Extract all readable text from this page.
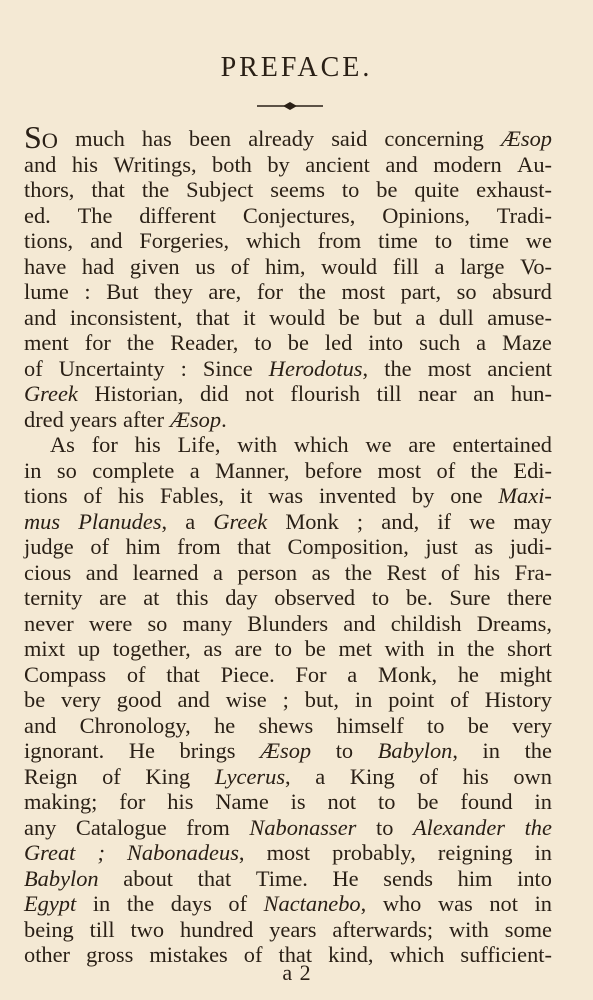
PREFACE.
SO much has been already said concerning Æsop
and his Writings, both by ancient and modern Au-
thors, that the Subject seems to be quite exhaust-
ed. The different Conjectures, Opinions, Tradi-
tions, and Forgeries, which from time to time we
have had given us of him, would fill a large Vo-
lume : But they are, for the most part, so absurd
and inconsistent, that it would be but a dull amuse-
ment for the Reader, to be led into such a Maze
of Uncertainty : Since Herodotus, the most ancient
Greek Historian, did not flourish till near an hun-
dred years after Æsop.
As for his Life, with which we are entertained
in so complete a Manner, before most of the Edi-
tions of his Fables, it was invented by one Maxi-
mus Planudes, a Greek Monk ; and, if we may
judge of him from that Composition, just as judi-
cious and learned a person as the Rest of his Fra-
ternity are at this day observed to be. Sure there
never were so many Blunders and childish Dreams,
mixt up together, as are to be met with in the short
Compass of that Piece. For a Monk, he might
be very good and wise ; but, in point of History
and Chronology, he shews himself to be very
ignorant. He brings Æsop to Babylon, in the
Reign of King Lycerus, a King of his own
making; for his Name is not to be found in
any Catalogue from Nabonasser to Alexander the
Great ; Nabonadeus, most probably, reigning in
Babylon about that Time. He sends him into
Egypt in the days of Nactanebo, who was not in
being till two hundred years afterwards; with some
other gross mistakes of that kind, which sufficient-
a 2
